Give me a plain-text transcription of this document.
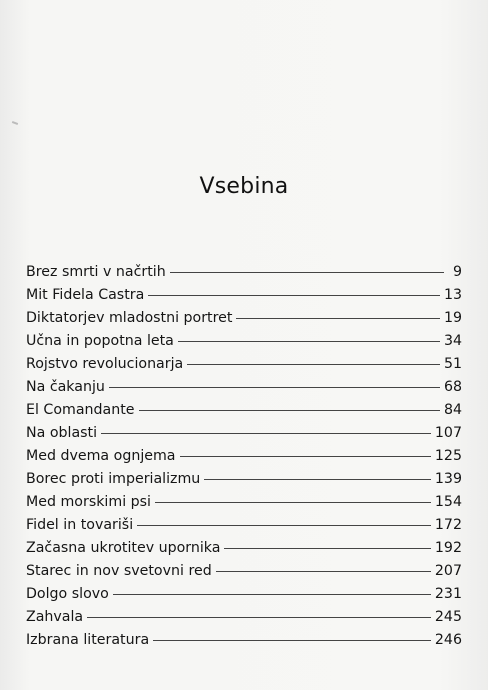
Vsebina
Brez smrti v načrtih	9
Mit Fidela Castra	13
Diktatorjev mladostni portret	19
Učna in popotna leta	34
Rojstvo revolucionarja	51
Na čakanju	68
El Comandante	84
Na oblasti	107
Med dvema ognjema	125
Borec proti imperializmu	139
Med morskimi psi	154
Fidel in tovariši	172
Začasna ukrotitev upornika	192
Starec in nov svetovni red	207
Dolgo slovo	231
Zahvala	245
Izbrana literatura	246
